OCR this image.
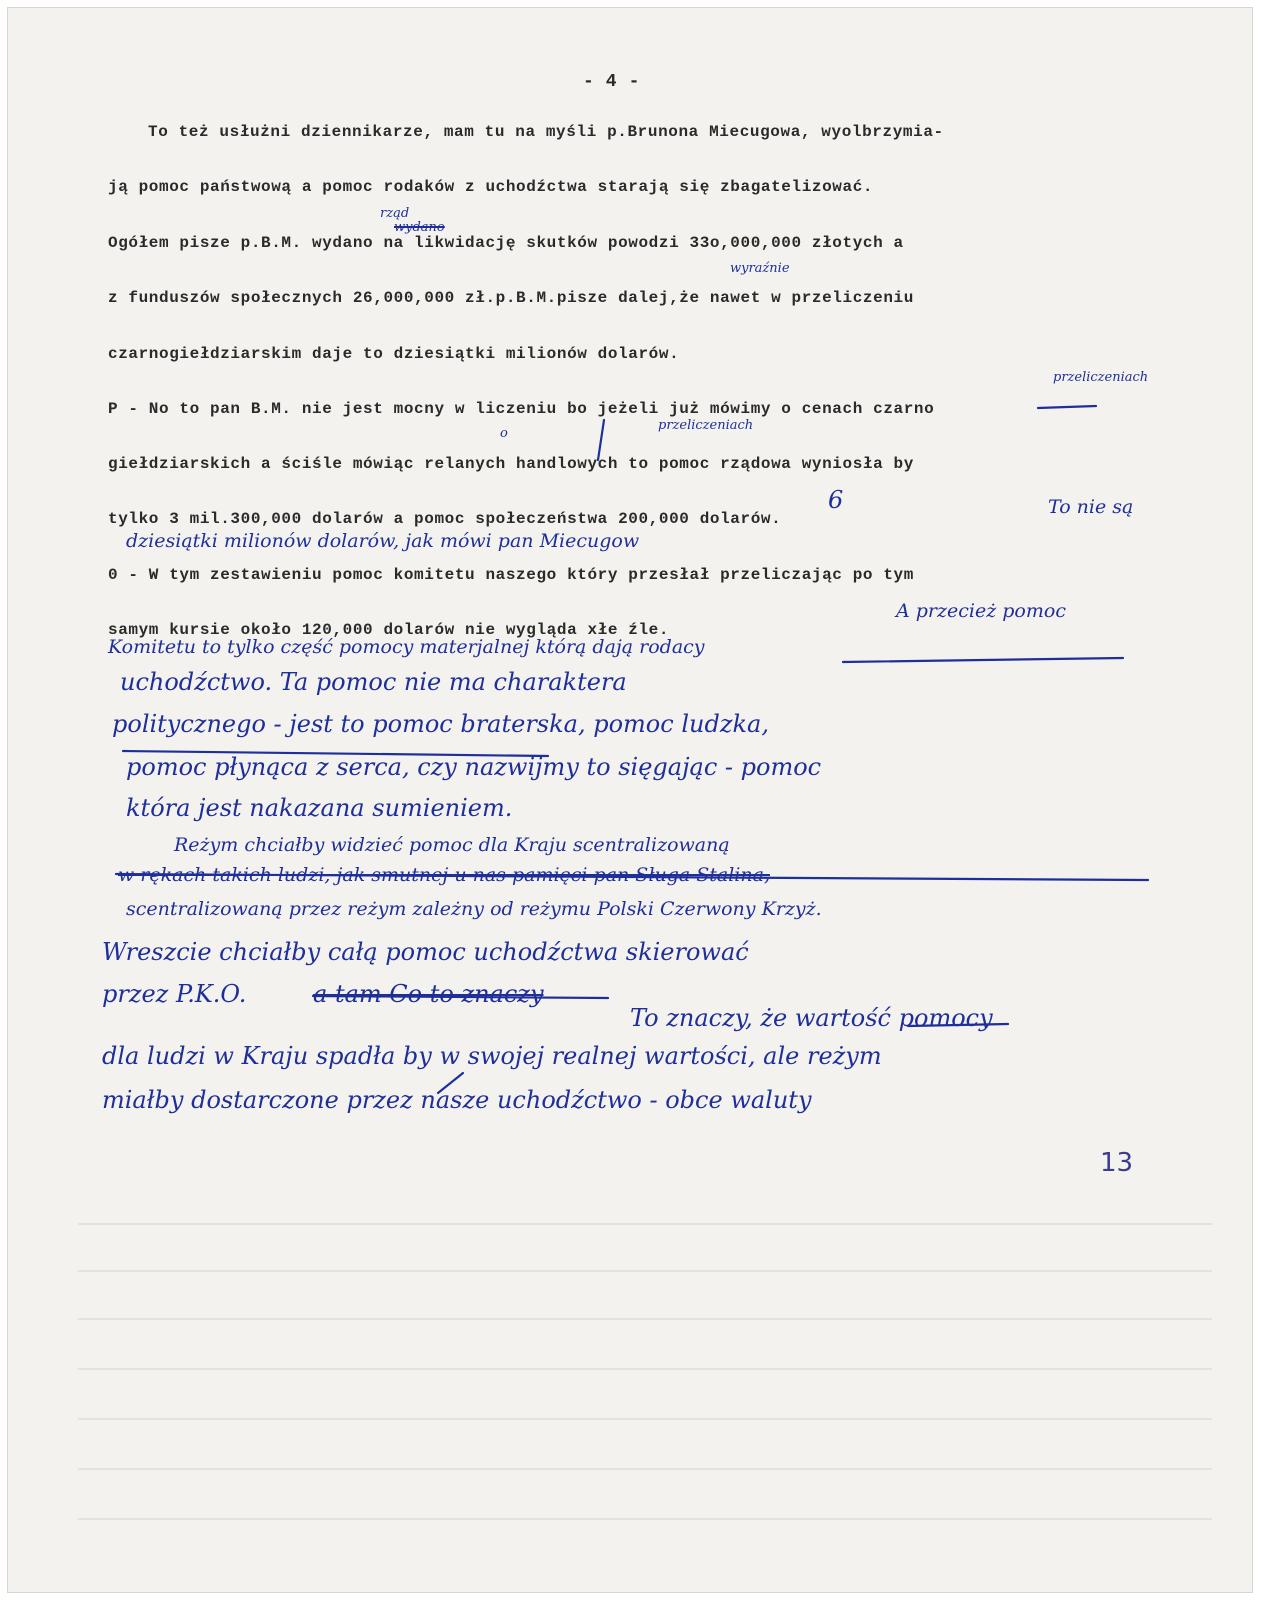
- 4 -
To też usłużni dziennikarze, mam tu na myśli p.Brunona Miecugowa, wyolbrzymia-
ją pomoc państwową a pomoc rodaków z uchodźctwa starają się zbagatelizować.
Ogółem pisze p.B.M. wydano na likwidację skutków powodzi 33o,000,000 złotych a
z funduszów społecznych 26,000,000 zł.p.B.M.pisze dalej,że nawet w przeliczeniu
czarnogiełdziarskim daje to dziesiątki milionów dolarów.
P - No to pan B.M. nie jest mocny w liczeniu bo jeżeli już mówimy o cenach czarno
giełdziarskich a ściśle mówiąc relanych handlowych to pomoc rządowa wyniosła by
tylko 3 mil.300,000 dolarów a pomoc społeczeństwa 200,000 dolarów.
0 - W tym zestawieniu pomoc komitetu naszego który przesłał przeliczając po tym
samym kursie około 120,000 dolarów nie wygląda xłe źle.
rząd
wydano
wyraźnie
przeliczeniach
o
przeliczeniach
6	To nie są
dziesiątki milionów dolarów, jak mówi pan Miecugow
A przecież pomoc
Komitetu to tylko część pomocy materjalnej którą dają rodacy
uchodźctwo. Ta pomoc nie ma charaktera
politycznego - jest to pomoc braterska, pomoc ludzka,
pomoc płynąca z serca, czy nazwijmy to sięgając - pomoc
która jest nakazana sumieniem.
Reżym chciałby widzieć pomoc dla Kraju scentralizowaną
w rękach takich ludzi, jak smutnej u nas pamięci pan Sługa Stalina,
scentralizowaną przez reżym zależny od reżymu Polski Czerwony Krzyż.
Wreszcie chciałby całą pomoc uchodźctwa skierować
przez P.K.O.	a tam Co to znaczy
To znaczy, że wartość pomocy
dla ludzi w Kraju spadła by w swojej realnej wartości, ale reżym
miałby dostarczone przez nasze uchodźctwo - obce waluty
13
